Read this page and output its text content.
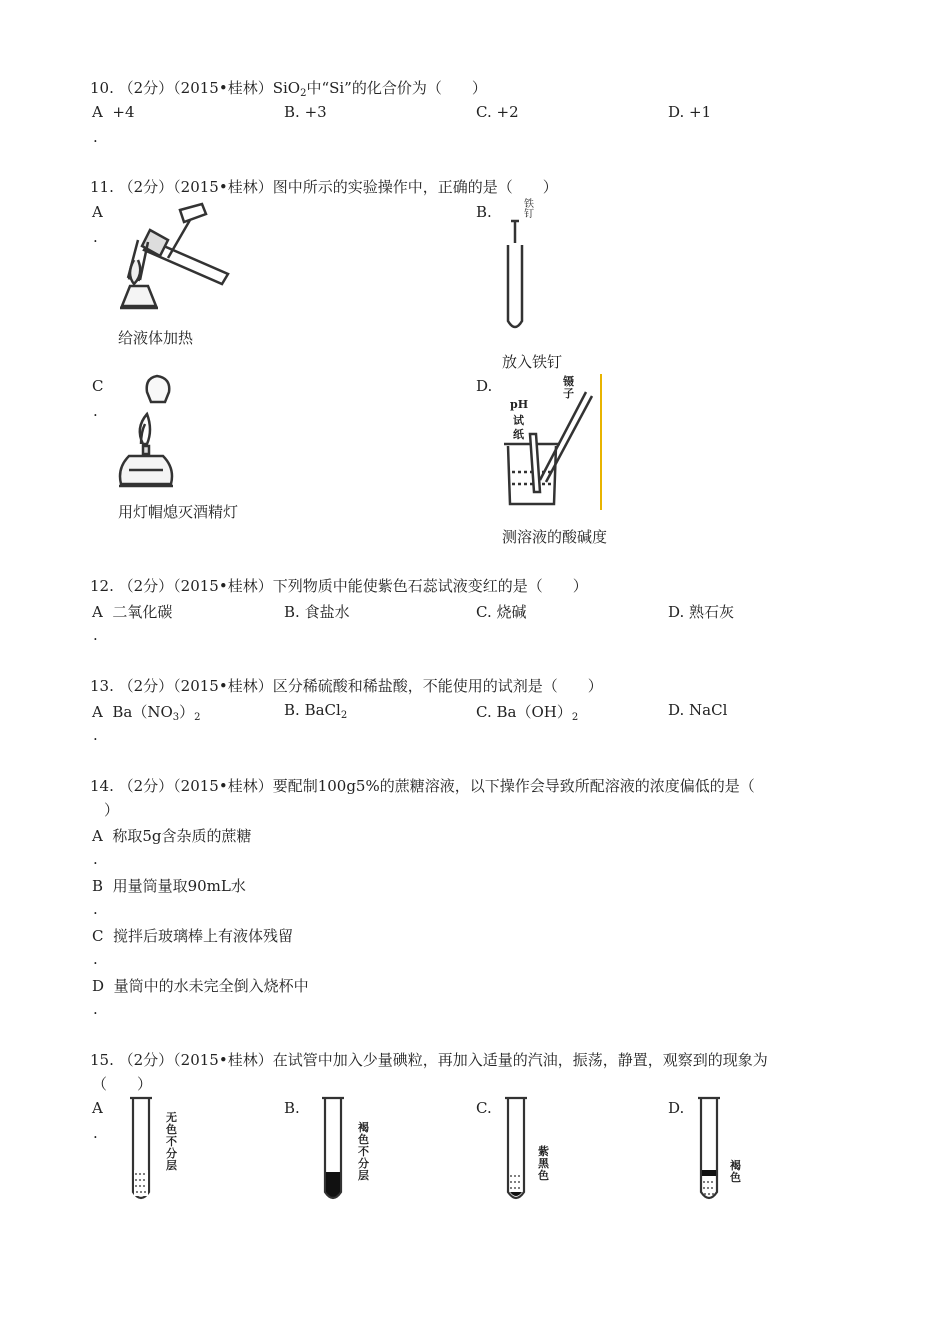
10. （2分）（2015•桂林）SiO$_2$中“Si”的化合价为（　　）
A +4
.
B. +3	C. +2	D. +1
11. （2分）（2015•桂林）图中所示的实验操作中，正确的是（　　）
A
.
给液体加热
B.	铁钉
放入铁钉
C
.
用灯帽熄灭酒精灯
D.
pH
试
纸
镊子
测溶液的酸碱度
12. （2分）（2015•桂林）下列物质中能使紫色石蕊试液变红的是（　　）
A 二氧化碳
.
B. 食盐水	C. 烧碱	D. 熟石灰
13. （2分）（2015•桂林）区分稀硫酸和稀盐酸，不能使用的试剂是（　　）
A $Ba(NO_3)_2$
.
B. BaCl$_2$	C. $Ba(OH)_2$	D. NaCl
14. （2分）（2015•桂林）要配制100g5%的蔗糖溶液，以下操作会导致所配溶液的浓度偏低的是（
）
A 称取5g含杂质的蔗糖
.
B 用量筒量取90mL水
.
C 搅拌后玻璃棒上有液体残留
.
D 量筒中的水未完全倒入烧杯中
.
15. （2分）（2015•桂林）在试管中加入少量碘粒，再加入适量的汽油，振荡，静置，观察到的现象为
（　　）
A
.
无
色
不
分
层
B.
褐
色
不
分
层
C.
紫
黑
色
D.
褐
色
